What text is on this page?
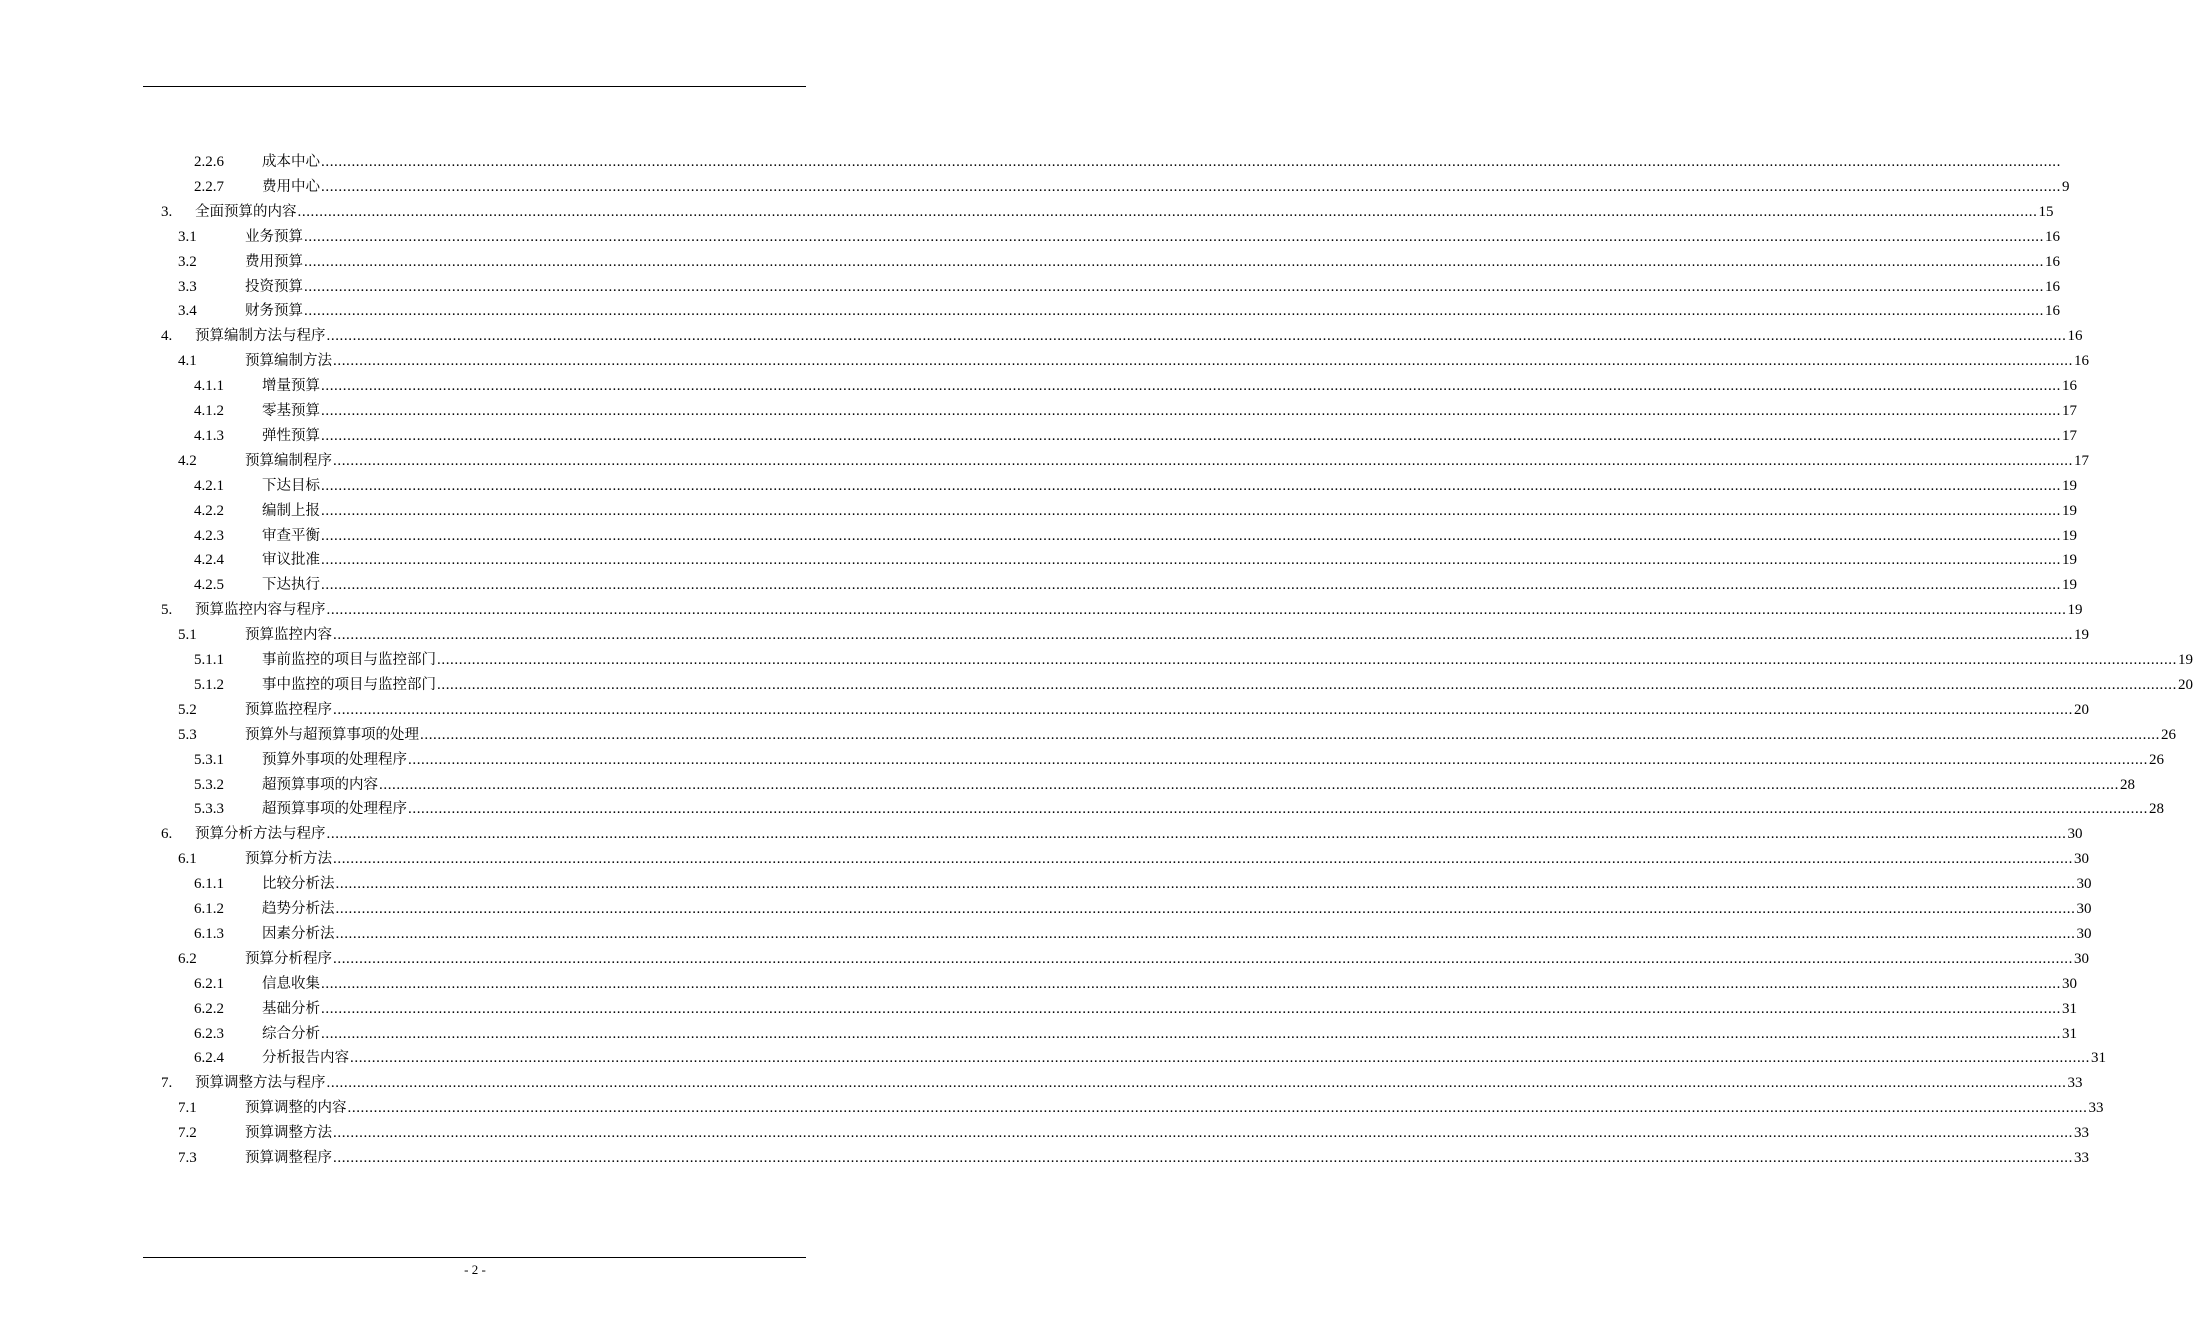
2.2.6	成本中心 ................................................................................................................................................................................................................................................................................................................................................................................................................
2.2.7	费用中心 ................................................................................................................................................................................................................................................................................................................................................................................................................ 9
3.	全面预算的内容 ................................................................................................................................................................................................................................................................................................................................................................................................................ 15
3.1	业务预算 ................................................................................................................................................................................................................................................................................................................................................................................................................ 16
3.2	费用预算 ................................................................................................................................................................................................................................................................................................................................................................................................................ 16
3.3	投资预算 ................................................................................................................................................................................................................................................................................................................................................................................................................ 16
3.4	财务预算 ................................................................................................................................................................................................................................................................................................................................................................................................................ 16
4.	预算编制方法与程序 ................................................................................................................................................................................................................................................................................................................................................................................................................ 16
4.1	预算编制方法 ................................................................................................................................................................................................................................................................................................................................................................................................................ 16
4.1.1	增量预算 ................................................................................................................................................................................................................................................................................................................................................................................................................ 16
4.1.2	零基预算 ................................................................................................................................................................................................................................................................................................................................................................................................................ 17
4.1.3	弹性预算 ................................................................................................................................................................................................................................................................................................................................................................................................................ 17
4.2	预算编制程序 ................................................................................................................................................................................................................................................................................................................................................................................................................ 17
4.2.1	下达目标 ................................................................................................................................................................................................................................................................................................................................................................................................................ 19
4.2.2	编制上报 ................................................................................................................................................................................................................................................................................................................................................................................................................ 19
4.2.3	审查平衡 ................................................................................................................................................................................................................................................................................................................................................................................................................ 19
4.2.4	审议批准 ................................................................................................................................................................................................................................................................................................................................................................................................................ 19
4.2.5	下达执行 ................................................................................................................................................................................................................................................................................................................................................................................................................ 19
5.	预算监控内容与程序 ................................................................................................................................................................................................................................................................................................................................................................................................................ 19
5.1	预算监控内容 ................................................................................................................................................................................................................................................................................................................................................................................................................ 19
5.1.1	事前监控的项目与监控部门 ................................................................................................................................................................................................................................................................................................................................................................................................................ 19
5.1.2	事中监控的项目与监控部门 ................................................................................................................................................................................................................................................................................................................................................................................................................ 20
5.2	预算监控程序 ................................................................................................................................................................................................................................................................................................................................................................................................................ 20
5.3	预算外与超预算事项的处理 ................................................................................................................................................................................................................................................................................................................................................................................................................ 26
5.3.1	预算外事项的处理程序 ................................................................................................................................................................................................................................................................................................................................................................................................................ 26
5.3.2	超预算事项的内容 ................................................................................................................................................................................................................................................................................................................................................................................................................ 28
5.3.3	超预算事项的处理程序 ................................................................................................................................................................................................................................................................................................................................................................................................................ 28
6.	预算分析方法与程序 ................................................................................................................................................................................................................................................................................................................................................................................................................ 30
6.1	预算分析方法 ................................................................................................................................................................................................................................................................................................................................................................................................................ 30
6.1.1	比较分析法 ................................................................................................................................................................................................................................................................................................................................................................................................................ 30
6.1.2	趋势分析法 ................................................................................................................................................................................................................................................................................................................................................................................................................ 30
6.1.3	因素分析法 ................................................................................................................................................................................................................................................................................................................................................................................................................ 30
6.2	预算分析程序 ................................................................................................................................................................................................................................................................................................................................................................................................................ 30
6.2.1	信息收集 ................................................................................................................................................................................................................................................................................................................................................................................................................ 30
6.2.2	基础分析 ................................................................................................................................................................................................................................................................................................................................................................................................................ 31
6.2.3	综合分析 ................................................................................................................................................................................................................................................................................................................................................................................................................ 31
6.2.4	分析报告内容 ................................................................................................................................................................................................................................................................................................................................................................................................................ 31
7.	预算调整方法与程序 ................................................................................................................................................................................................................................................................................................................................................................................................................ 33
7.1	预算调整的内容 ................................................................................................................................................................................................................................................................................................................................................................................................................ 33
7.2	预算调整方法 ................................................................................................................................................................................................................................................................................................................................................................................................................ 33
7.3	预算调整程序 ................................................................................................................................................................................................................................................................................................................................................................................................................ 33
- 2 -
